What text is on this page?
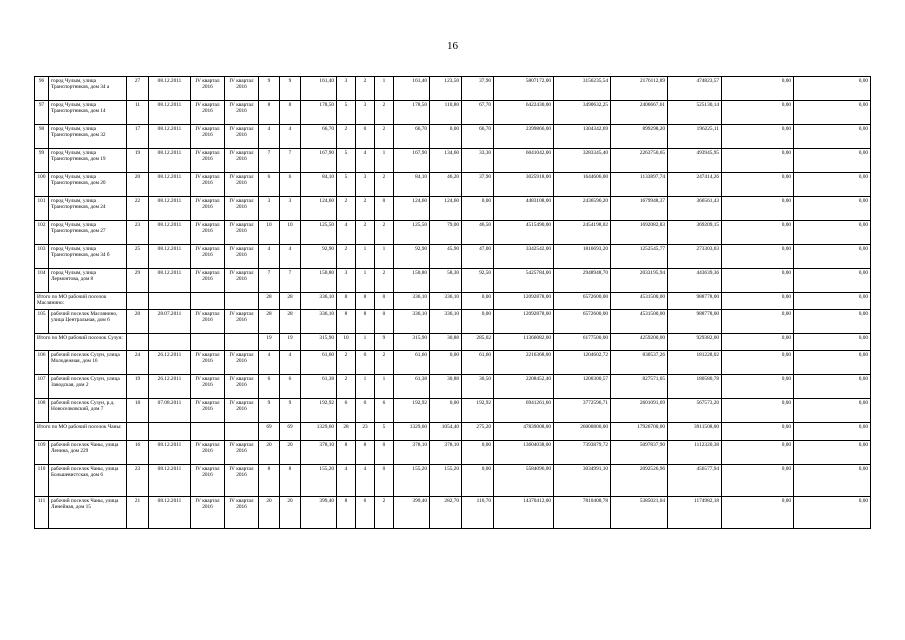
16
96	город Чулым, улица Транспортников, дом 34 а	27	08.12.2011	IV квартал 2016	IV квартал 2016	9	9	161,40	3	2	1	161,40	123,50	37,90	5807172,00	3156235,54	2176112,89	474823,57	0,00	0,00
97	город Чулым, улица Транспортников, дом 14	11	08.12.2011	IV квартал 2016	IV квартал 2016	8	8	178,50	5	3	2	178,50	110,80	67,70	6422430,00	3490632,25	2406667,61	525130,14	0,00	0,00
98	город Чулым, улица Транспортников, дом 32	17	08.12.2011	IV квартал 2016	IV квартал 2016	4	4	66,70	2	0	2	66,70	0,00	66,70	2399866,00	1304342,69	899298,20	196225,11	0,00	0,00
99	город Чулым, улица Транспортников, дом 19	19	08.12.2011	IV квартал 2016	IV квартал 2016	7	7	167,90	5	4	1	167,90	134,60	33,30	6041042,00	3283345,40	2263750,65	493945,95	0,00	0,00
100	город Чулым, улица Транспортников, дом 20	20	08.12.2011	IV квартал 2016	IV квартал 2016	6	6	84,10	5	3	2	84,10	46,20	37,90	3025918,00	1644606,00	1133897,74	247414,26	0,00	0,00
101	город Чулым, улица Транспортников, дом 24	22	08.12.2011	IV квартал 2016	IV квартал 2016	3	3	124,60	2	2	0	124,60	124,60	0,00	4483108,00	2436596,20	1679948,37	366561,43	0,00	0,00
102	город Чулым, улица Транспортников, дом 27	23	08.12.2011	IV квартал 2016	IV квартал 2016	10	10	125,50	4	2	2	125,50	79,00	46,50	4515490,00	2454198,02	1692082,83	369209,15	0,00	0,00
103	город Чулым, улица Транспортников, дом 34 б	25	08.12.2011	IV квартал 2016	IV квартал 2016	4	4	92,90	2	1	1	92,90	45,90	47,00	3342542,00	1816693,20	1252545,77	273303,03	0,00	0,00
104	город Чулым, улица Лермонтова, дом 8	29	08.12.2011	IV квартал 2016	IV квартал 2016	7	7	150,80	3	1	2	150,80	58,30	92,50	5425784,00	2948948,70	2033195,94	443639,36	0,00	0,00
Итого по МО рабочий поселок Маслянино:						28	28	336,10	8	8	0	336,10	336,10	0,00	12092878,00	6572600,00	4531500,00	988778,00	0,00	0,00
105	рабочий поселок Маслянино, улица Центральная, дом 6	20	28.07.2011	IV квартал 2016	IV квартал 2016	28	28	336,10	8	8	0	336,10	336,10	0,00	12092878,00	6572600,00	4531500,00	988778,00	0,00	0,00
Итого по МО рабочий поселок Сузун:						19	19	315,90	10	1	9	315,90	30,88	285,02	11366082,00	6177500,00	4259200,00	929382,00	0,00	0,00
106	рабочий поселок Сузун, улица Молодежная, дом 16	24	26.12.2011	IV квартал 2016	IV квартал 2016	4	4	61,60	2	0	2	61,60	0,00	61,60	2216368,00	1204602,72	830537,26	181228,02	0,00	0,00
107	рабочий поселок Сузун, улица Заводская, дом 2	19	26.12.2011	IV квартал 2016	IV квартал 2016	6	6	61,38	2	1	1	61,38	30,88	30,50	2208452,40	1200300,57	827571,05	180580,78	0,00	0,00
108	рабочий поселок Сузун, р.д. Новоселковский, дом 7	18	07.08.2011	IV квартал 2016	IV квартал 2016	9	9	192,92	6	0	6	192,92	0,00	192,92	6941261,60	3772596,71	2601091,69	567573,20	0,00	0,00
Итого по МО рабочий поселок Чаны:						69	69	1329,60	28	23	5	1329,60	1054,40	275,20	47839008,00	26000800,00	17926700,00	3911508,00	0,00	0,00
109	рабочий поселок Чаны, улица Ленина, дом 229	16	08.12.2011	IV квартал 2016	IV квартал 2016	20	20	378,10	8	8	0	378,10	378,10	0,00	13604038,00	7393879,72	5097837,90	1112320,38	0,00	0,00
110	рабочий поселок Чаны, улица Большевистская, дом 6	23	08.12.2011	IV квартал 2016	IV квартал 2016	8	8	155,20	4	4	0	155,20	155,20	0,00	5584096,00	3034991,10	2092526,96	456577,94	0,00	0,00
111	рабочий поселок Чаны, улица Линейная, дом 15	21	08.12.2011	IV квартал 2016	IV квартал 2016	20	20	399,40	8	6	2	399,40	282,70	116,70	14370412,00	7810408,78	5385021,04	1174982,18	0,00	0,00
